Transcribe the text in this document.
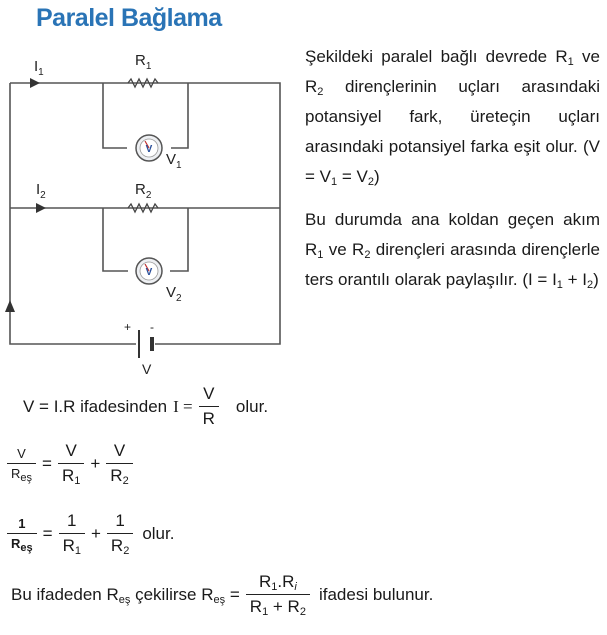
Paralel Bağlama
V
V
$I_1$
$R_1$
$V_1$
$I_2$	$R_2$
$V_2$
+ -
V
Şekildeki paralel bağlı devrede $R_1$ ve $R_2$ dirençlerinin uçları arasındaki potansiyel fark, üreteçin uçları arasındaki potansiyel farka eşit olur. $(V = V_1 = V_2)$
Bu durumda ana koldan geçen akım $R_1$ ve $R_2$ dirençleri arasında dirençlerle ters orantılı olarak paylaşılır. $(I = I_1 + I_2)$
V = I.R ifadesindenI = $\frac{V}{R}$ olur.
$\frac{V}{R_{eş}} = \frac{V}{R_1} + \frac{V}{R_2}$
$\frac{1}{R_{eş}} = \frac{1}{R_1} + \frac{1}{R_2}$ olur.
Bu ifadeden $R_{eş}$ çekilirse $R_{eş} = \frac{R_1.R_i}{R_1 + R_2}$ ifadesi bulunur.
